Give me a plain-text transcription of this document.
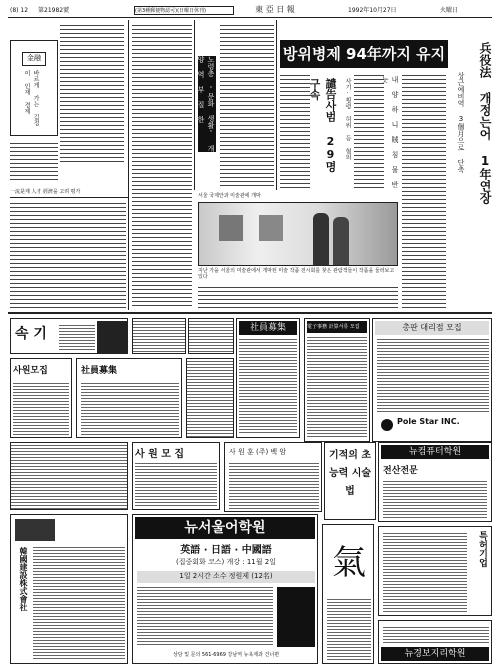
(8) 12	第21982號	(第3種郵便物認可)(日曜日休刊)	東 亞 日 報	1992年10月27日	火曜日
金融
바르게 가는 김정 이 인재 경제
一流是제 人才 經濟을 고려 평가
노령층 '문화 생활' 개 양 역 부 질 한
방위병제 94年까지 유지
譴告사범 29명 구속	사기·횡령 허위 등 혐의	내 양 하 니 賊 침 물 반 눗	兵役法 개정는어 1年연장
상근예비역 3個月으로 단축
서울 국제안과 미술관에 개막
지난 가을 서울의 미술관에서 개막된 미술 작품 전시회를 찾은 관람객들이 작품을 둘러보고 있다
속 기	社員募集	電子事務 計算서류 모집	총판 대리점 모집
Pole Star INC.
사원모집	社員募集
사 원 모 집	사 원 훈 (주) 백 암	기적의 초능력 시술법
뉴컴퓨터학원
전산전문
韓國建設株式會社
뉴서울어학원
英語 · 日語 · 中國語
(집중회화 코스) 개강 : 11월 2일
1일 2시간 소수 정원제 (12名)
상담 및 문의 561-6969 강남역 뉴욕제과 건너편
氣	특허기업
뉴경보지리학원
